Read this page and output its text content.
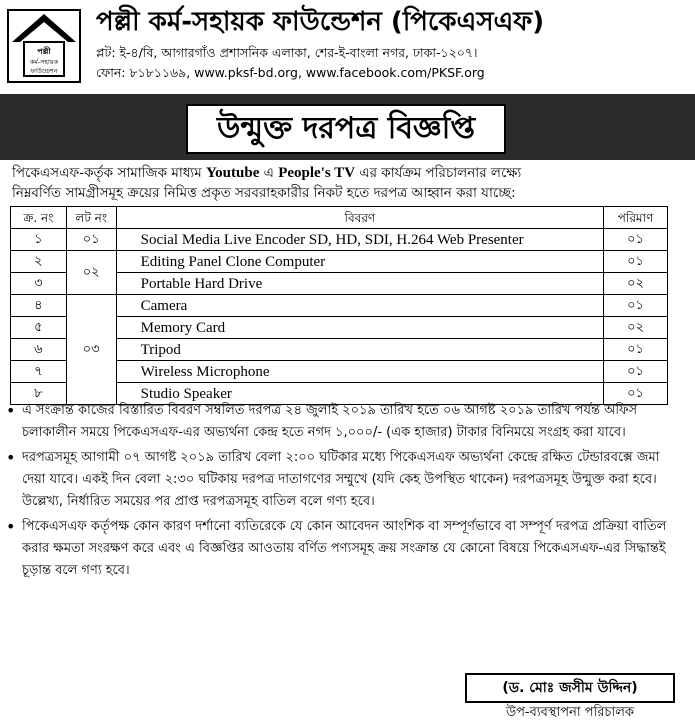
পল্লী
কর্ম-সহায়ক
ফাউন্ডেশন
পল্লী কর্ম-সহায়ক ফাউন্ডেশন (পিকেএসএফ)
প্লট: ই-৪/বি, আগারগাঁও প্রশাসনিক এলাকা, শের-ই-বাংলা নগর, ঢাকা-১২০৭।
ফোন: ৮১৮১১৬৯, www.pksf-bd.org, www.facebook.com/PKSF.org
উন্মুক্ত দরপত্র বিজ্ঞপ্তি
পিকেএসএফ-কর্তৃক সামাজিক মাধ্যম Youtube এ People's TV এর কার্যক্রম পরিচালনার লক্ষ্যে
নিম্নবর্ণিত সামগ্রীসমূহ ক্রয়ের নিমিত্ত প্রকৃত সরবরাহকারীর নিকট হতে দরপত্র আহ্বান করা যাচ্ছে:
ক্র. নং	লট নং	বিবরণ	পরিমাণ
১	০১	Social Media Live Encoder SD, HD, SDI, H.264 Web Presenter	০১
২	০২	Editing Panel Clone Computer	০১
৩		Portable Hard Drive	০২
৪	০৩	Camera	০১
৫		Memory Card	০২
৬		Tripod	০১
৭		Wireless Microphone	০১
৮		Studio Speaker	০১
• এ সংক্রান্ত কাজের বিস্তারিত বিবরণ সম্বলিত দরপত্র ২৪ জুলাই ২০১৯ তারিখ হতে ০৬ আগষ্ট ২০১৯ তারিখ পর্যন্ত অফিস চলাকালীন সময়ে পিকেএসএফ-এর অভ্যর্থনা কেন্দ্র হতে নগদ ১,০০০/- (এক হাজার) টাকার বিনিময়ে সংগ্রহ করা যাবে।
• দরপত্রসমূহ আগামী ০৭ আগষ্ট ২০১৯ তারিখ বেলা ২:০০ ঘটিকার মধ্যে পিকেএসএফ অভ্যর্থনা কেন্দ্রে রক্ষিত টেন্ডারবক্সে জমা দেয়া যাবে। একই দিন বেলা ২:৩০ ঘটিকায় দরপত্র দাতাগণের সম্মুখে (যদি কেহ উপস্থিত থাকেন) দরপত্রসমূহ উন্মুক্ত করা হবে। উল্লেখ্য, নির্ধারিত সময়ের পর প্রাপ্ত দরপত্রসমূহ বাতিল বলে গণ্য হবে।
• পিকেএসএফ কর্তৃপক্ষ কোন কারণ দর্শানো ব্যতিরেকে যে কোন আবেদন আংশিক বা সম্পূর্ণভাবে বা সম্পূর্ণ দরপত্র প্রক্রিয়া বাতিল করার ক্ষমতা সংরক্ষণ করে এবং এ বিজ্ঞপ্তির আওতায় বর্ণিত পণ্যসমূহ ক্রয় সংক্রান্ত যে কোনো বিষয়ে পিকেএসএফ-এর সিদ্ধান্তই চূড়ান্ত বলে গণ্য হবে।
(ড. মোঃ জসীম উদ্দিন)
উপ-ব্যবস্থাপনা পরিচালক
